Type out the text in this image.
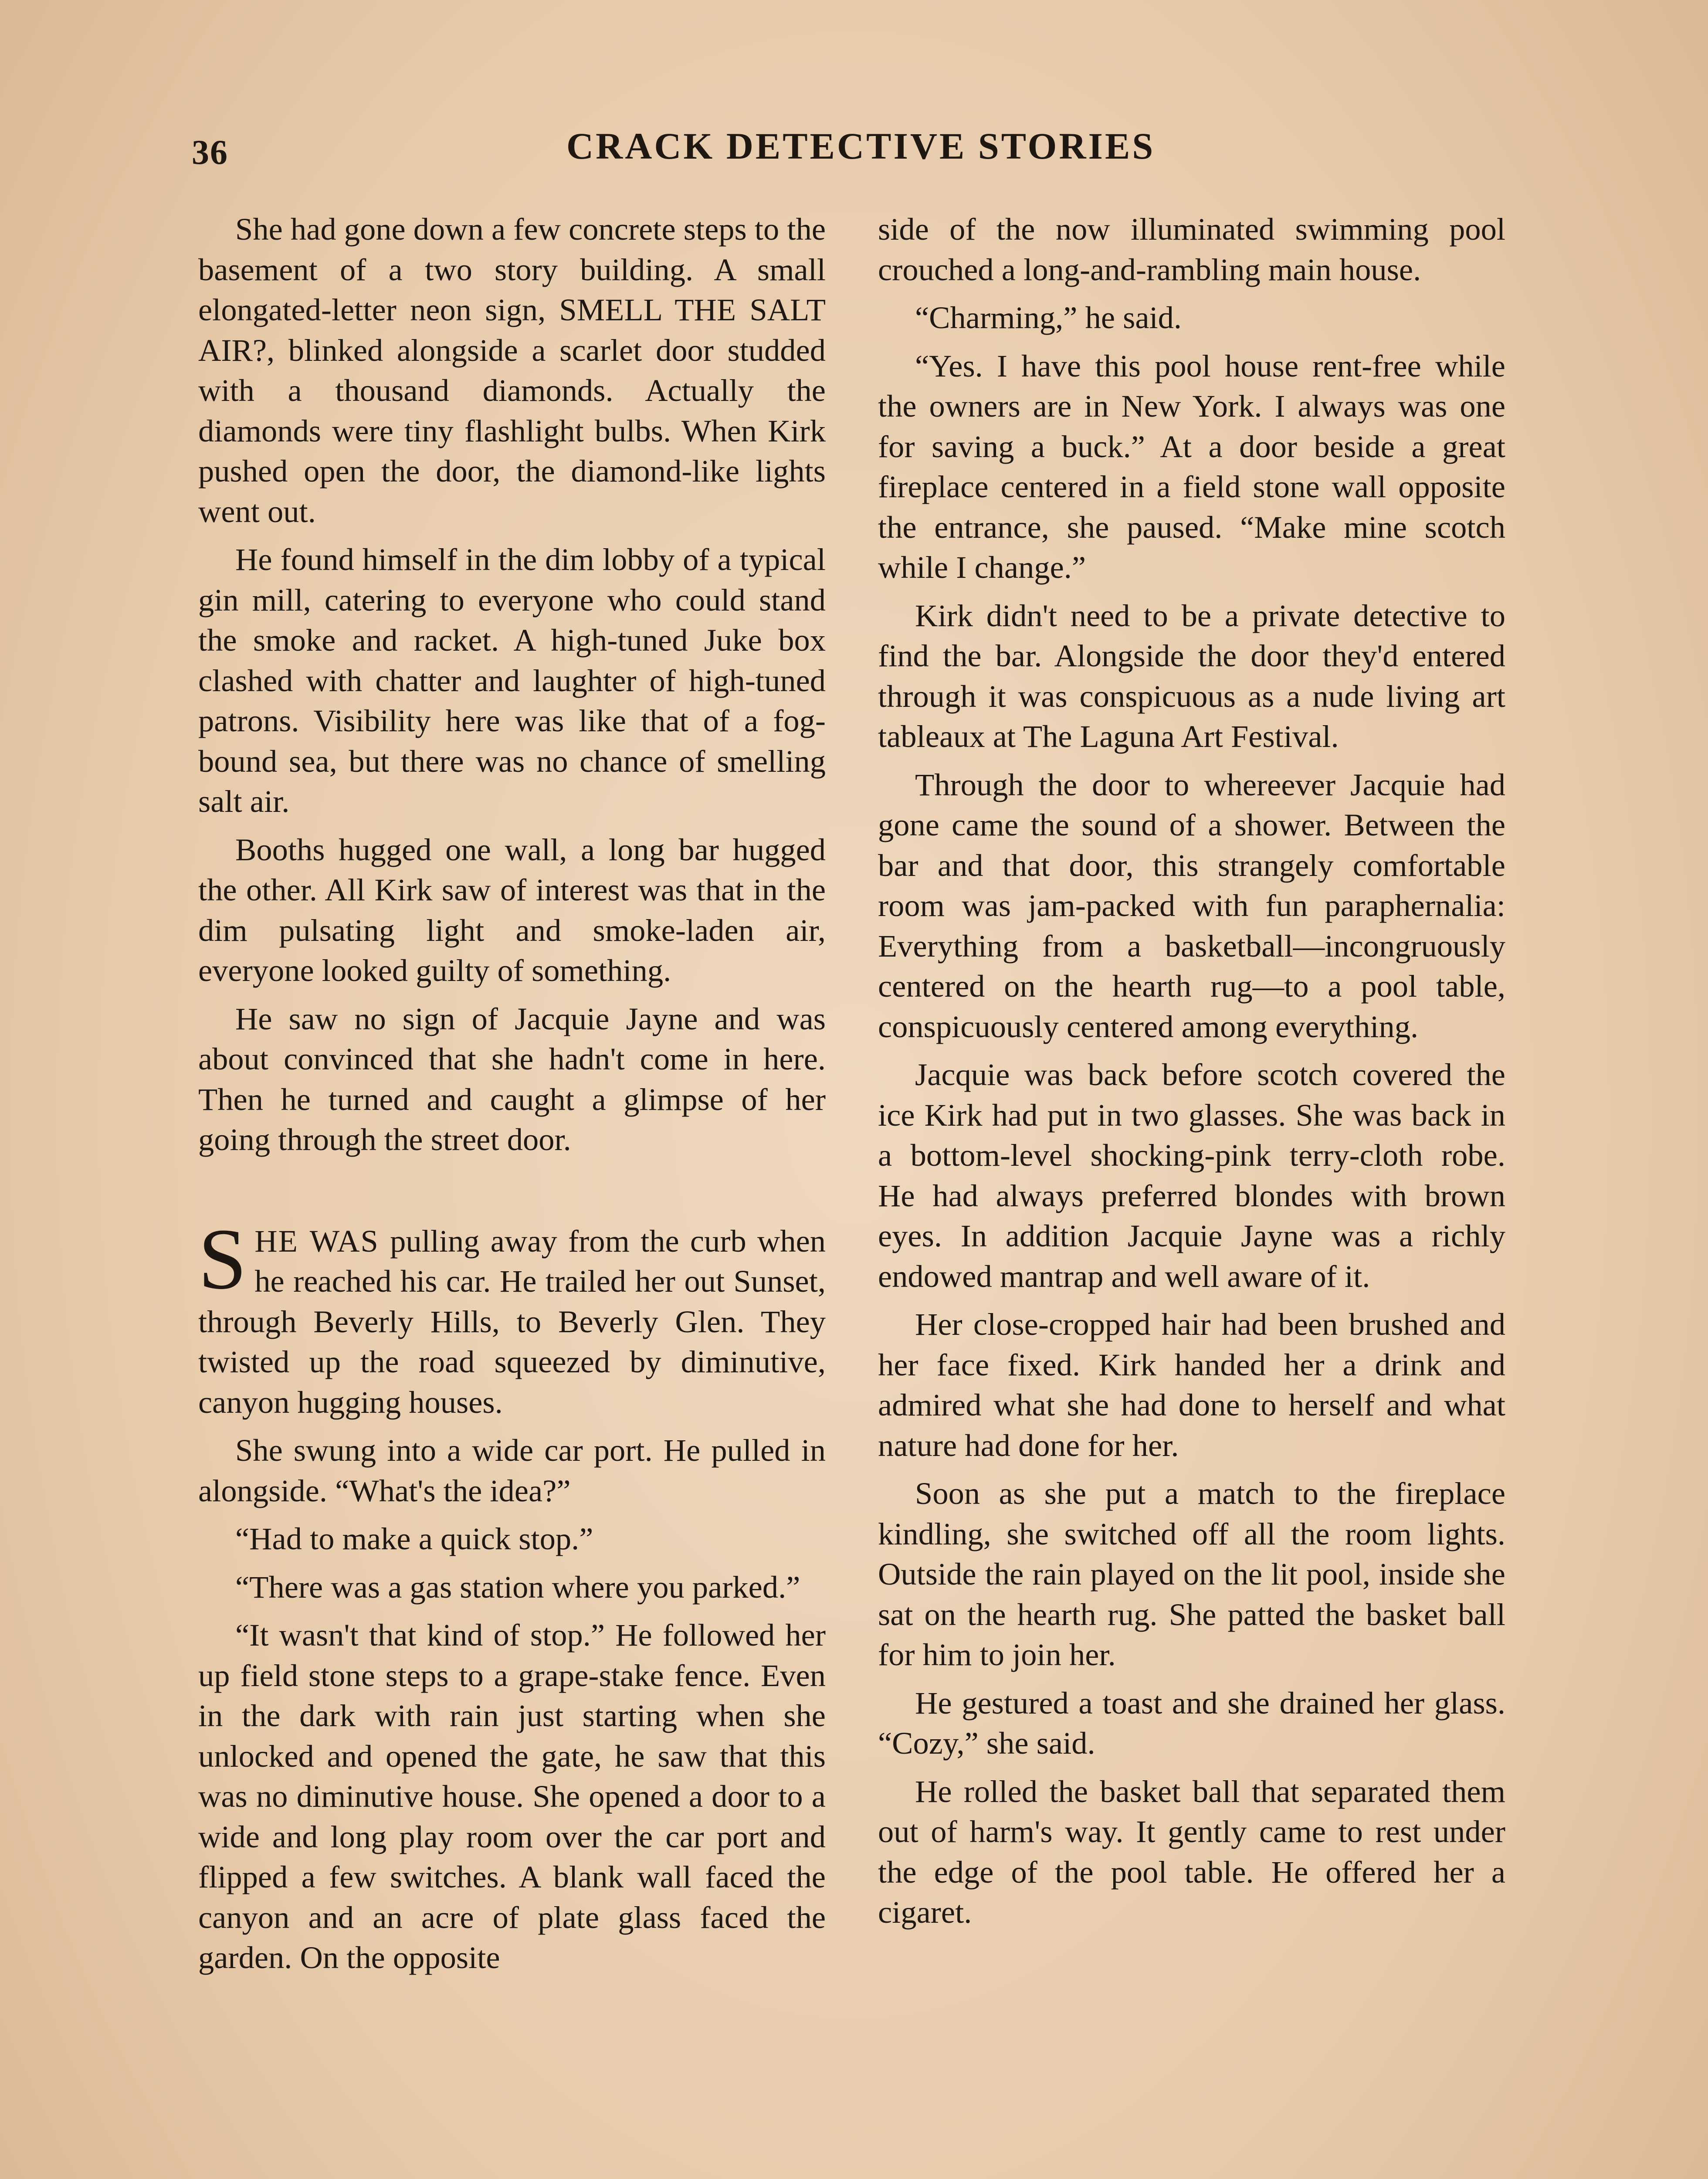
36	CRACK DETECTIVE STORIES

She had gone down a few concrete steps to the basement of a two story building. A small elongated-letter neon sign, SMELL THE SALT AIR?, blinked alongside a scarlet door studded with a thousand diamonds. Actually the diamonds were tiny flashlight bulbs. When Kirk pushed open the door, the diamond-like lights went out.

He found himself in the dim lobby of a typical gin mill, catering to everyone who could stand the smoke and racket. A high-tuned Juke box clashed with chatter and laughter of high-tuned patrons. Visibility here was like that of a fog-bound sea, but there was no chance of smelling salt air.

Booths hugged one wall, a long bar hugged the other. All Kirk saw of interest was that in the dim pulsating light and smoke-laden air, everyone looked guilty of something.

He saw no sign of Jacquie Jayne and was about convinced that she hadn't come in here. Then he turned and caught a glimpse of her going through the street door.

SHE WAS pulling away from the curb when he reached his car. He trailed her out Sunset, through Beverly Hills, to Beverly Glen. They twisted up the road squeezed by diminutive, canyon hugging houses.

She swung into a wide car port. He pulled in alongside. “What's the idea?”

“Had to make a quick stop.”

“There was a gas station where you parked.”

“It wasn't that kind of stop.” He followed her up field stone steps to a grape-stake fence. Even in the dark with rain just starting when she unlocked and opened the gate, he saw that this was no diminutive house. She opened a door to a wide and long play room over the car port and flipped a few switches. A blank wall faced the canyon and an acre of plate glass faced the garden. On the opposite

side of the now illuminated swimming pool crouched a long-and-rambling main house.

“Charming,” he said.

“Yes. I have this pool house rent-free while the owners are in New York. I always was one for saving a buck.” At a door beside a great fireplace centered in a field stone wall opposite the entrance, she paused. “Make mine scotch while I change.”

Kirk didn't need to be a private detective to find the bar. Alongside the door they'd entered through it was conspicuous as a nude living art tableaux at The Laguna Art Festival.

Through the door to whereever Jacquie had gone came the sound of a shower. Between the bar and that door, this strangely comfortable room was jam-packed with fun paraphernalia: Everything from a basketball—incongruously centered on the hearth rug—to a pool table, conspicuously centered among everything.

Jacquie was back before scotch covered the ice Kirk had put in two glasses. She was back in a bottom-level shocking-pink terry-cloth robe. He had always preferred blondes with brown eyes. In addition Jacquie Jayne was a richly endowed mantrap and well aware of it.

Her close-cropped hair had been brushed and her face fixed. Kirk handed her a drink and admired what she had done to herself and what nature had done for her.

Soon as she put a match to the fireplace kindling, she switched off all the room lights. Outside the rain played on the lit pool, inside she sat on the hearth rug. She patted the basket ball for him to join her.

He gestured a toast and she drained her glass. “Cozy,” she said.

He rolled the basket ball that separated them out of harm's way. It gently came to rest under the edge of the pool table. He offered her a cigaret.
